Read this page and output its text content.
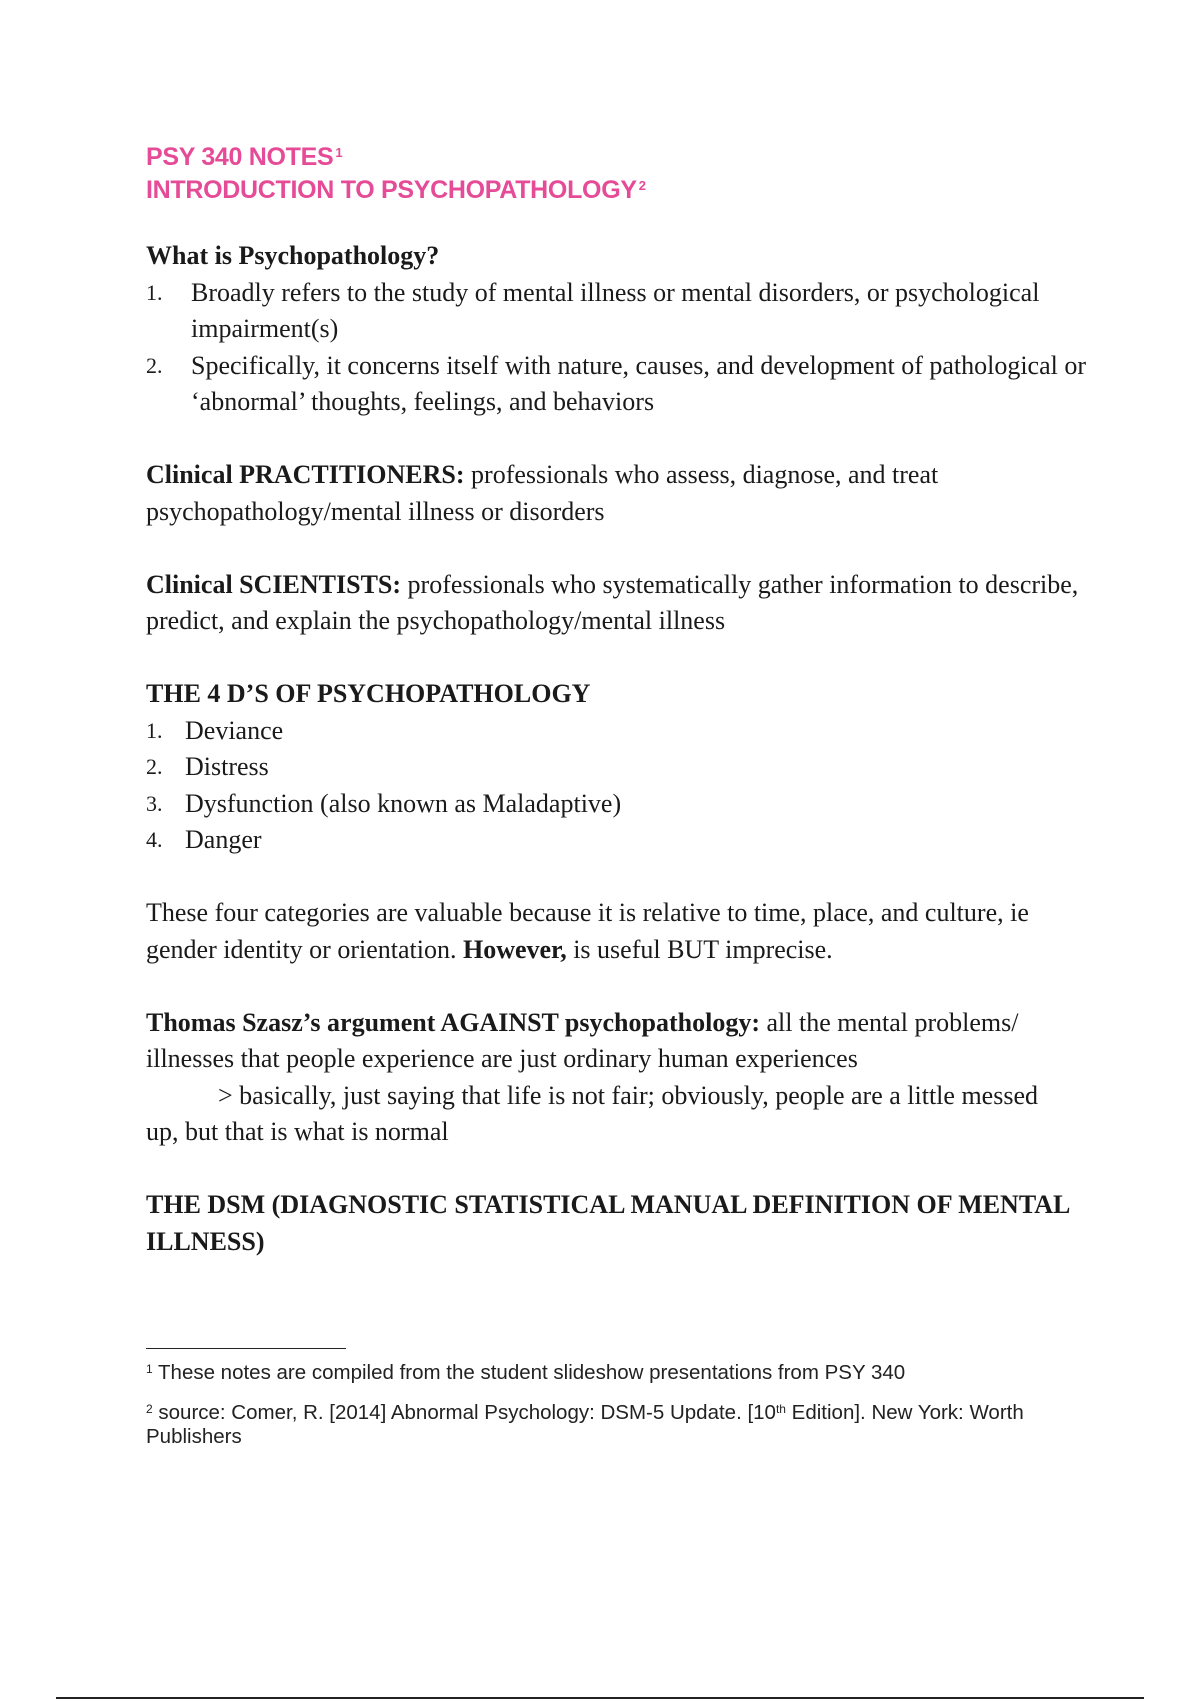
PSY 340 NOTES $^1$
INTRODUCTION TO PSYCHOPATHOLOGY $^2$
What is Psychopathology?
1. Broadly refers to the study of mental illness or mental disorders, or psychological impairment(s)
2. Specifically, it concerns itself with nature, causes, and development of pathological or ‘abnormal’ thoughts, feelings, and behaviors

Clinical PRACTITIONERS: professionals who assess, diagnose, and treat psychopathology/mental illness or disorders

Clinical SCIENTISTS: professionals who systematically gather information to describe, predict, and explain the psychopathology/mental illness

THE 4 D’S OF PSYCHOPATHOLOGY
1. Deviance
2. Distress
3. Dysfunction (also known as Maladaptive)
4. Danger

These four categories are valuable because it is relative to time, place, and culture, ie gender identity or orientation. However, is useful BUT imprecise.

Thomas Szasz’s argument AGAINST psychopathology: all the mental problems/ illnesses that people experience are just ordinary human experiences
> basically, just saying that life is not fair; obviously, people are a little messed
up, but that is what is normal

THE DSM (DIAGNOSTIC STATISTICAL MANUAL DEFINITION OF MENTAL ILLNESS)

$^1$ These notes are compiled from the student slideshow presentations from PSY 340

$^2$ source: Comer, R. [2014] Abnormal Psychology: DSM-5 Update. [10th Edition]. New York: Worth Publishers
